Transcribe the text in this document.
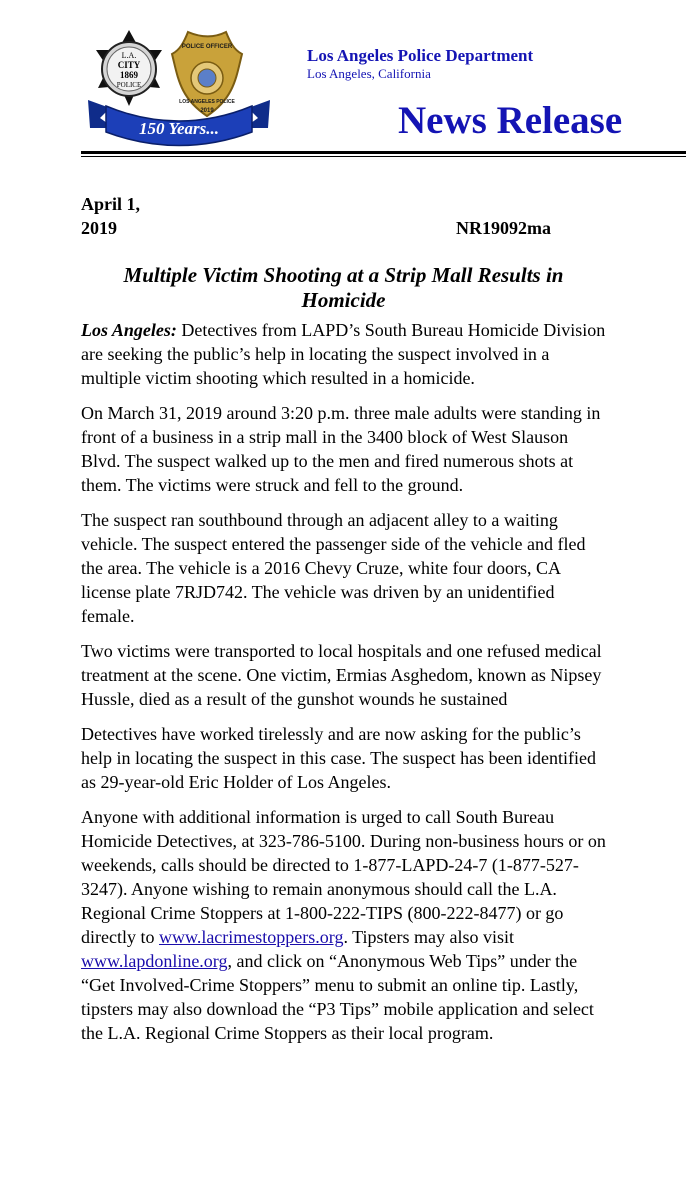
L.A.
CITY
1869
POLICE
POLICE OFFICER
LOS ANGELES POLICE
2019
150 Years...
Los Angeles Police Department
Los Angeles, California
News Release
April 1, 2019	NR19092ma
Multiple Victim Shooting at a Strip Mall Results in Homicide

Los Angeles: Detectives from LAPD’s South Bureau Homicide Division are seeking the public’s help in locating the suspect involved in a multiple victim shooting which resulted in a homicide.

On March 31, 2019 around 3:20 p.m. three male adults were standing in front of a business in a strip mall in the 3400 block of West Slauson Blvd. The suspect walked up to the men and fired numerous shots at them. The victims were struck and fell to the ground.

The suspect ran southbound through an adjacent alley to a waiting vehicle. The suspect entered the passenger side of the vehicle and fled the area. The vehicle is a 2016 Chevy Cruze, white four doors, CA license plate 7RJD742. The vehicle was driven by an unidentified female.

Two victims were transported to local hospitals and one refused medical treatment at the scene. One victim, Ermias Asghedom, known as Nipsey Hussle, died as a result of the gunshot wounds he sustained

Detectives have worked tirelessly and are now asking for the public’s help in locating the suspect in this case. The suspect has been identified as 29-year-old Eric Holder of Los Angeles.

Anyone with additional information is urged to call South Bureau Homicide Detectives, at 323-786-5100. During non-business hours or on weekends, calls should be directed to 1-877-LAPD-24-7 (1-877-527-3247). Anyone wishing to remain anonymous should call the L.A. Regional Crime Stoppers at 1-800-222-TIPS (800-222-8477) or go directly to www.lacrimestoppers.org. Tipsters may also visit www.lapdonline.org, and click on “Anonymous Web Tips” under the “Get Involved-Crime Stoppers” menu to submit an online tip. Lastly, tipsters may also download the “P3 Tips” mobile application and select the L.A. Regional Crime Stoppers as their local program.
